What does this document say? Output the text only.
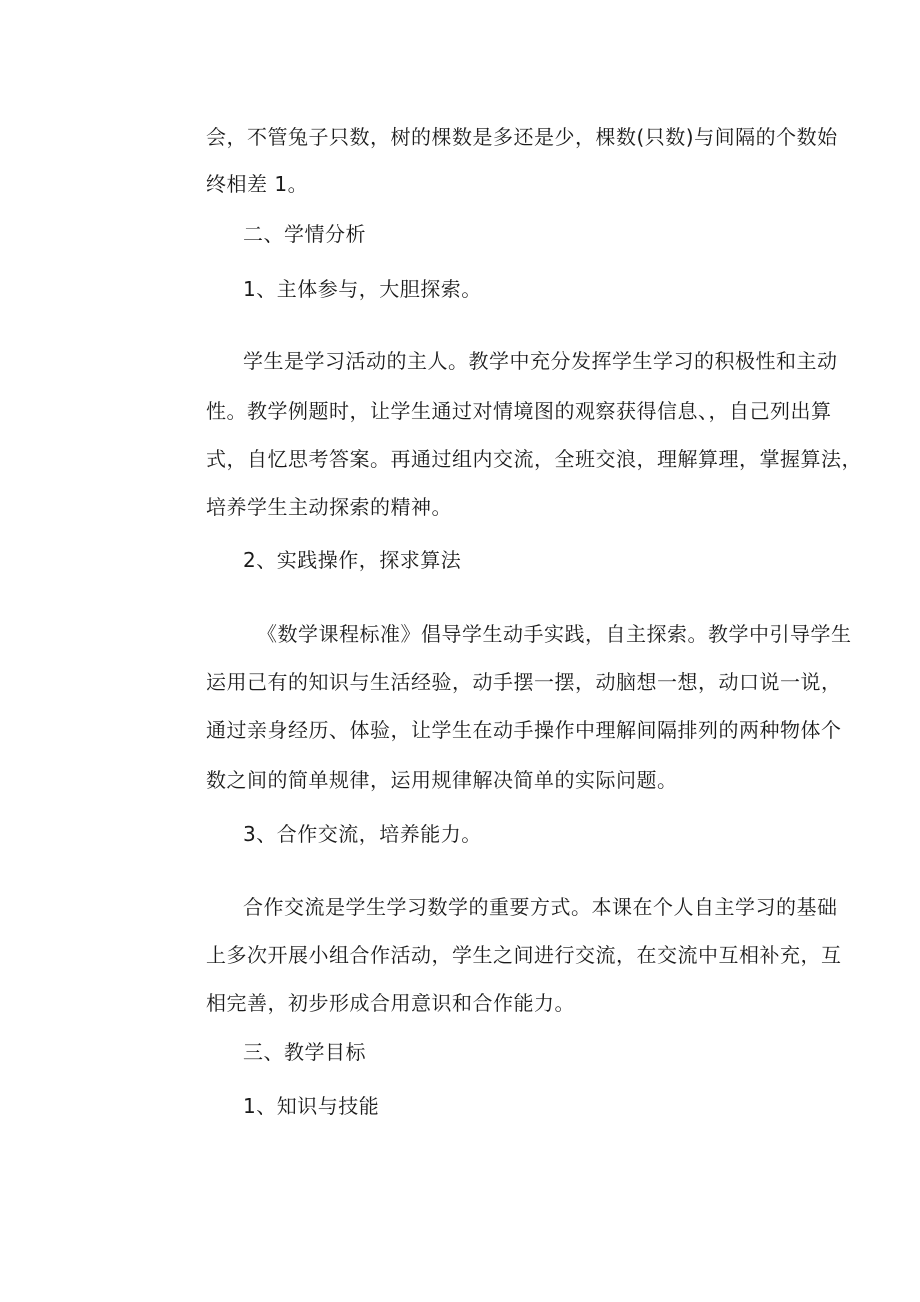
会，不管兔子只数，树的棵数是多还是少，棵数(只数)与间隔的个数始
终相差 1。
二、学情分析
1、主体参与，大胆探索。
学生是学习活动的主人。教学中充分发挥学生学习的积极性和主动
性。教学例题时，让学生通过对情境图的观察获得信息、，自己列出算
式，自忆思考答案。再通过组内交流，全班交浪，理解算理，掌握算法，
培养学生主动探索的精神。
2、实践操作，探求算法
《数学课程标准》倡导学生动手实践，自主探索。教学中引导学生
运用己有的知识与生活经验，动手摆一摆，动脑想一想，动口说一说，
通过亲身经历、体验，让学生在动手操作中理解间隔排列的两种物体个
数之间的简单规律，运用规律解决简单的实际问题。
3、合作交流，培养能力。
合作交流是学生学习数学的重要方式。本课在个人自主学习的基础
上多次开展小组合作活动，学生之间进行交流，在交流中互相补充，互
相完善，初步形成合用意识和合作能力。
三、教学目标
1、知识与技能
